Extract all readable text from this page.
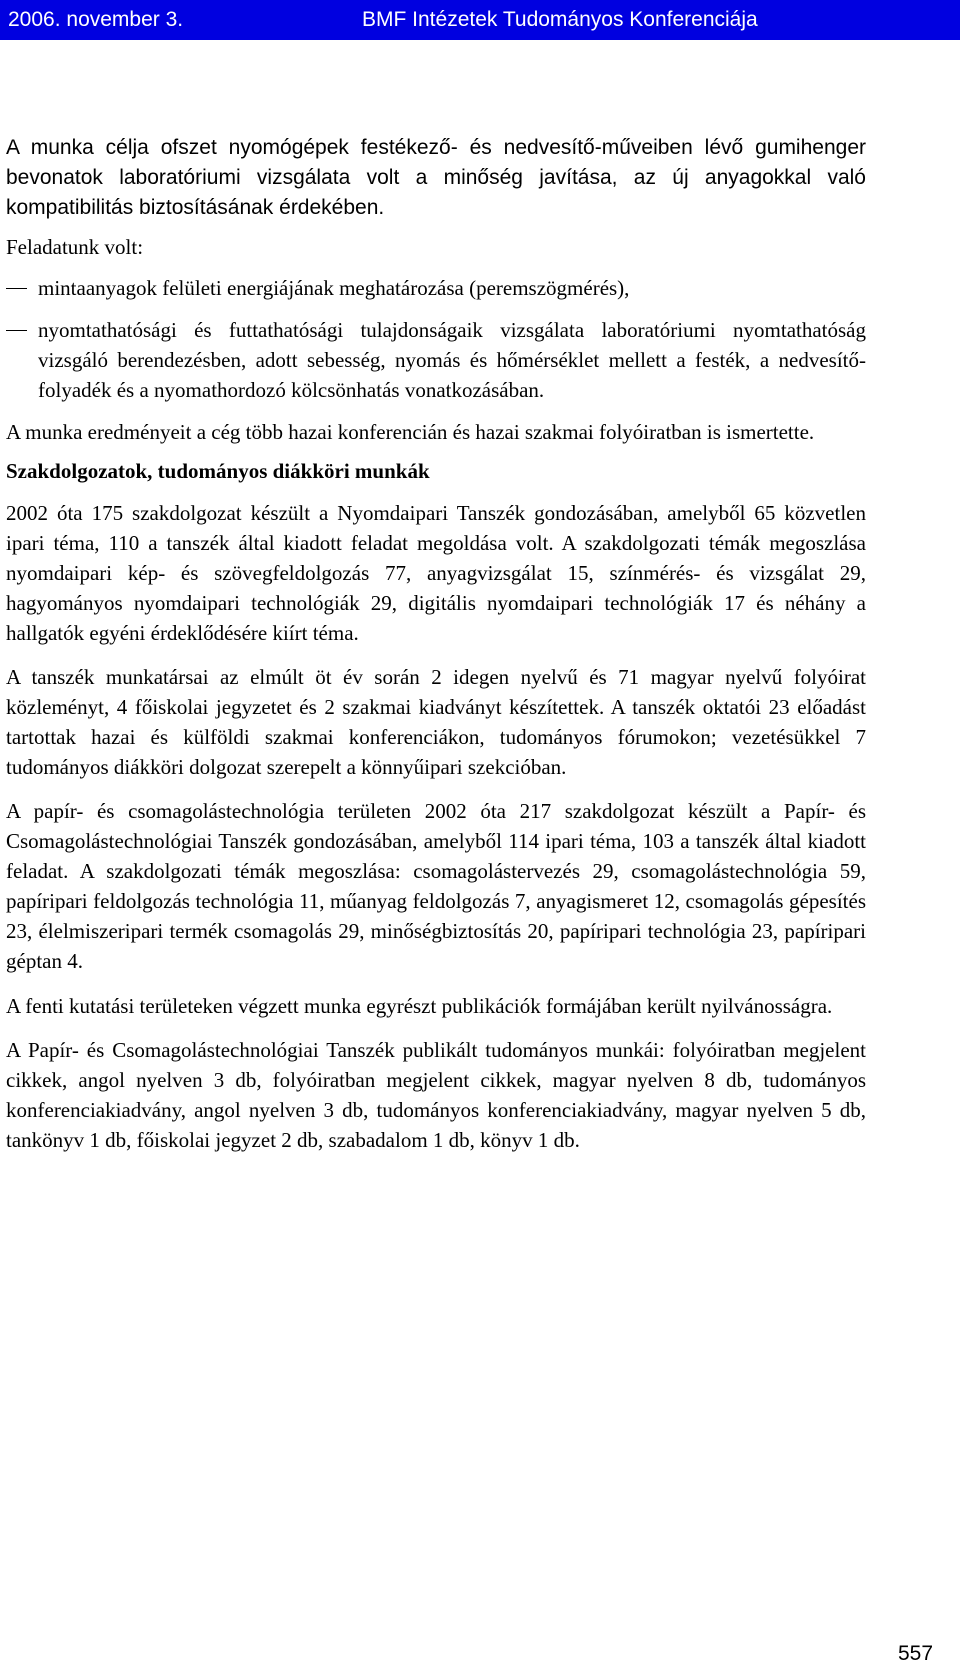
2006. november 3.	BMF Intézetek Tudományos Konferenciája

A munka célja ofszet nyomógépek festékező- és nedvesítő-műveiben lévő gumihenger bevonatok laboratóriumi vizsgálata volt a minőség javítása, az új anyagokkal való kompatibilitás biztosításának érdekében.

Feladatunk volt:

mintaanyagok felületi energiájának meghatározása (peremszögmérés),
nyomtathatósági és futtathatósági tulajdonságaik vizsgálata laboratóriumi nyomtathatóság vizsgáló berendezésben, adott sebesség, nyomás és hőmérséklet mellett a festék, a nedvesítő-folyadék és a nyomathordozó kölcsönhatás vonatkozásában.

A munka eredményeit a cég több hazai konferencián és hazai szakmai folyóiratban is ismertette.

Szakdolgozatok, tudományos diákköri munkák

2002 óta 175 szakdolgozat készült a Nyomdaipari Tanszék gondozásában, amelyből 65 közvetlen ipari téma, 110 a tanszék által kiadott feladat megoldása volt. A szakdolgozati témák megoszlása nyomdaipari kép- és szövegfeldolgozás 77, anyagvizsgálat 15, színmérés- és vizsgálat 29, hagyományos nyomdaipari technológiák 29, digitális nyomdaipari technológiák 17 és néhány a hallgatók egyéni érdeklődésére kiírt téma.

A tanszék munkatársai az elmúlt öt év során 2 idegen nyelvű és 71 magyar nyelvű folyóirat közleményt, 4 főiskolai jegyzetet és 2 szakmai kiadványt készítettek. A tanszék oktatói 23 előadást tartottak hazai és külföldi szakmai konferenciákon, tudományos fórumokon; vezetésükkel 7 tudományos diákköri dolgozat szerepelt a könnyűipari szekcióban.

A papír- és csomagolástechnológia területen 2002 óta 217 szakdolgozat készült a Papír- és Csomagolástechnológiai Tanszék gondozásában, amelyből 114 ipari téma, 103 a tanszék által kiadott feladat. A szakdolgozati témák megoszlása: csomagolástervezés 29, csomagolástechnológia 59, papíripari feldolgozás technológia 11, műanyag feldolgozás 7, anyagismeret 12, csomagolás gépesítés 23, élelmiszeripari termék csomagolás 29, minőségbiztosítás 20, papíripari technológia 23, papíripari géptan 4.

A fenti kutatási területeken végzett munka egyrészt publikációk formájában került nyilvánosságra.

A Papír- és Csomagolástechnológiai Tanszék publikált tudományos munkái: folyóiratban megjelent cikkek, angol nyelven 3 db, folyóiratban megjelent cikkek, magyar nyelven 8 db, tudományos konferenciakiadvány, angol nyelven 3 db, tudományos konferenciakiadvány, magyar nyelven 5 db, tankönyv 1 db, főiskolai jegyzet 2 db, szabadalom 1 db, könyv 1 db.

557
